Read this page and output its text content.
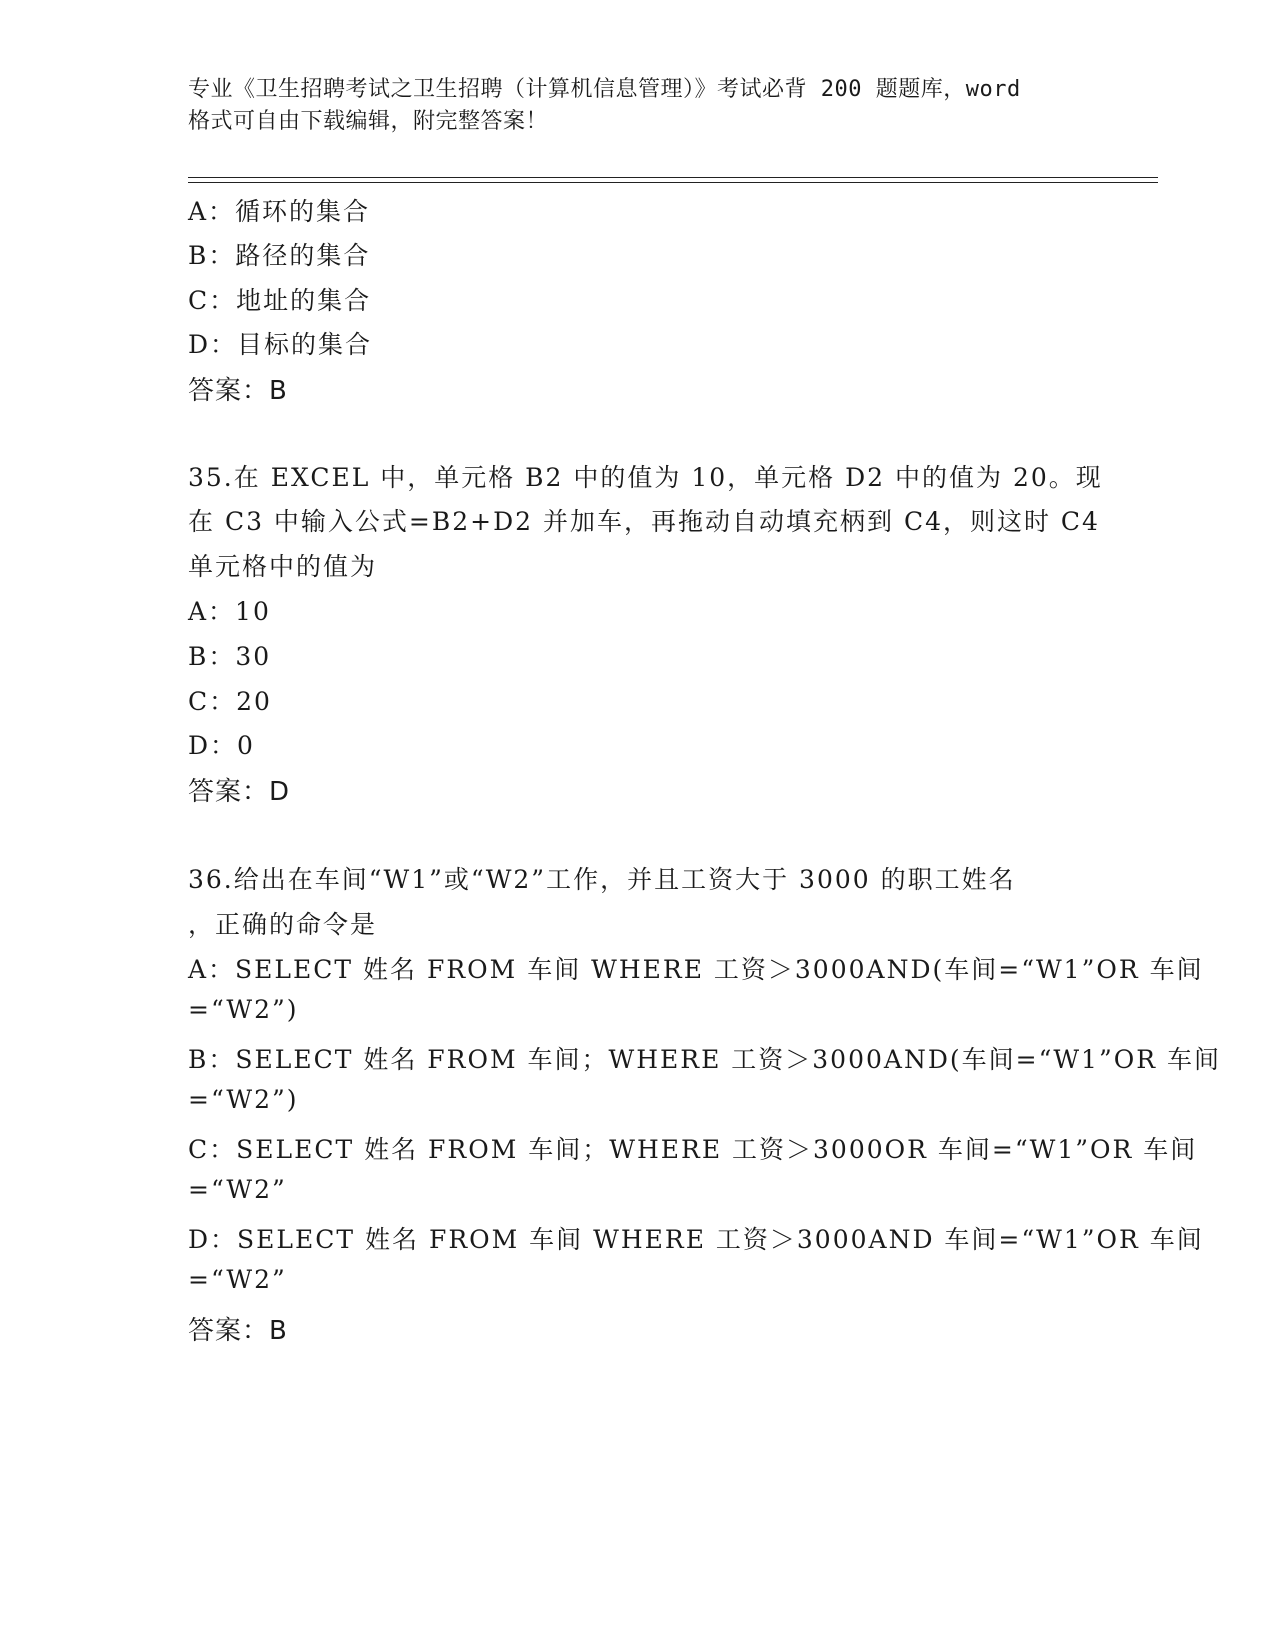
专业《卫生招聘考试之卫生招聘（计算机信息管理）》考试必背 200 题题库，word
格式可自由下载编辑，附完整答案！
A：循环的集合
B：路径的集合
C：地址的集合
D：目标的集合
答案：B
35.在 EXCEL 中，单元格 B2 中的值为 10，单元格 D2 中的值为 20。现
在 C3 中输入公式=B2+D2 并加车，再拖动自动填充柄到 C4，则这时 C4
单元格中的值为
A：10
B：30
C：20
D：0
答案：D
36.给出在车间“W1”或“W2”工作，并且工资大于 3000 的职工姓名
，正确的命令是
A：SELECT 姓名 FROM 车间 WHERE 工资＞3000AND(车间=“W1”OR 车间
=“W2”)
B：SELECT 姓名 FROM 车间；WHERE 工资＞3000AND(车间=“W1”OR 车间
=“W2”)
C：SELECT 姓名 FROM 车间；WHERE 工资＞3000OR 车间=“W1”OR 车间
=“W2”
D：SELECT 姓名 FROM 车间 WHERE 工资＞3000AND 车间=“W1”OR 车间
=“W2”
答案：B
